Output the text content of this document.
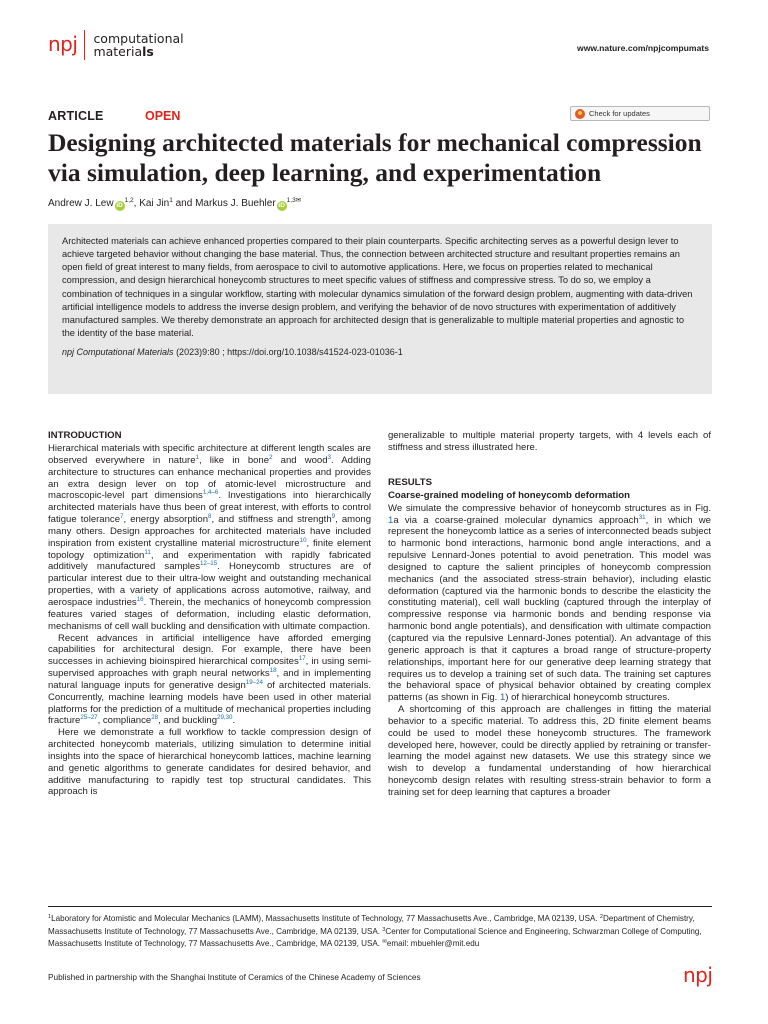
npj computational
materials	www.nature.com/npjcompumats
ARTICLE	OPEN	Check for updates
Designing architected materials for mechanical compression via simulation, deep learning, and experimentation
Andrew J. Lew iD$^{1,2}$, Kai Jin$^1$ and Markus J. Buehler $iD^{1,3✉}$

Architected materials can achieve enhanced properties compared to their plain counterparts. Specific architecting serves as a powerful design lever to achieve targeted behavior without changing the base material. Thus, the connection between architected structure and resultant properties remains an open field of great interest to many fields, from aerospace to civil to automotive applications. Here, we focus on properties related to mechanical compression, and design hierarchical honeycomb structures to meet specific values of stiffness and compressive stress. To do so, we employ a combination of techniques in a singular workflow, starting with molecular dynamics simulation of the forward design problem, augmenting with data-driven artificial intelligence models to address the inverse design problem, and verifying the behavior of de novo structures with experimentation of additively manufactured samples. We thereby demonstrate an approach for architected design that is generalizable to multiple material properties and agnostic to the identity of the base material.

npj Computational Materials (2023)9:80 ; https://doi.org/10.1038/s41524-023-01036-1

INTRODUCTION

Hierarchical materials with specific architecture at different length scales are observed everywhere in nature$^1$, like in bone$^2$ and wood$^3$. Adding architecture to structures can enhance mechanical properties and provides an extra design lever on top of atomic-level microstructure and macroscopic-level part dimensions$^{1,4-6}$. Investigations into hierarchically architected materials have thus been of great interest, with efforts to control fatigue tolerance$^7$, energy absorption$^8$, and stiffness and strength$^9$, among many others. Design approaches for architected materials have included inspiration from existent crystalline material microstructure$^{10}$, finite element topology optimization$^{11}$, and experimentation with rapidly fabricated additively manufactured samples$^{12-15}$. Honeycomb structures are of particular interest due to their ultra-low weight and outstanding mechanical properties, with a variety of applications across automotive, railway, and aerospace industries$^{16}$. Therein, the mechanics of honeycomb compression features varied stages of deformation, including elastic deformation, mechanisms of cell wall buckling and densification with ultimate compaction.

Recent advances in artificial intelligence have afforded emerging capabilities for architectural design. For example, there have been successes in achieving bioinspired hierarchical composites$^{17}$, in using semi-supervised approaches with graph neural networks$^{18}$, and in implementing natural language inputs for generative design$^{19-24}$ of architected materials. Concurrently, machine learning models have been used in other material platforms for the prediction of a multitude of mechanical properties including fracture$^{25-27}$, compliance$^{28}$, and buckling$^{29,30}$.

Here we demonstrate a full workflow to tackle compression design of architected honeycomb materials, utilizing simulation to determine initial insights into the space of hierarchical honeycomb lattices, machine learning and genetic algorithms to generate candidates for desired behavior, and additive manufacturing to rapidly test top structural candidates. This approach is

generalizable to multiple material property targets, with 4 levels each of stiffness and stress illustrated here.

RESULTS
Coarse-grained modeling of honeycomb deformation

We simulate the compressive behavior of honeycomb structures as in Fig. 1a via a coarse-grained molecular dynamics approach$^{31}$, in which we represent the honeycomb lattice as a series of interconnected beads subject to harmonic bond interactions, harmonic bond angle interactions, and a repulsive Lennard-Jones potential to avoid penetration. This model was designed to capture the salient principles of honeycomb compression mechanics (and the associated stress-strain behavior), including elastic deformation (captured via the harmonic bonds to describe the elasticity the constituting material), cell wall buckling (captured through the interplay of compressive response via harmonic bonds and bending response via harmonic bond angle potentials), and densification with ultimate compaction (captured via the repulsive Lennard-Jones potential). An advantage of this generic approach is that it captures a broad range of structure-property relationships, important here for our generative deep learning strategy that requires us to develop a training set of such data. The training set captures the behavioral space of physical behavior obtained by creating complex patterns (as shown in Fig. 1) of hierarchical honeycomb structures.

A shortcoming of this approach are challenges in fitting the material behavior to a specific material. To address this, 2D finite element beams could be used to model these honeycomb structures. The framework developed here, however, could be directly applied by retraining or transfer-learning the model against new datasets. We use this strategy since we wish to develop a fundamental understanding of how hierarchical honeycomb design relates with resulting stress-strain behavior to form a training set for deep learning that captures a broader

$^1$Laboratory for Atomistic and Molecular Mechanics (LAMM), Massachusetts Institute of Technology, 77 Massachusetts Ave., Cambridge, MA 02139, USA. $^2$Department of Chemistry, Massachusetts Institute of Technology, 77 Massachusetts Ave., Cambridge, MA 02139, USA. $^3$Center for Computational Science and Engineering, Schwarzman College of Computing, Massachusetts Institute of Technology, 77 Massachusetts Ave., Cambridge, MA 02139, USA. ✉email: mbuehler@mit.edu
Published in partnership with the Shanghai Institute of Ceramics of the Chinese Academy of Sciences	npj
